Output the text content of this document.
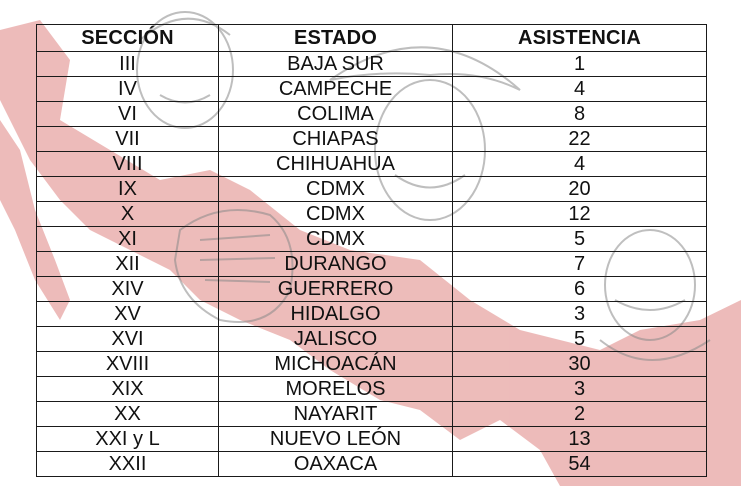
SECCIÓN	ESTADO	ASISTENCIA
III	BAJA SUR	1
IV	CAMPECHE	4
VI	COLIMA	8
VII	CHIAPAS	22
VIII	CHIHUAHUA	4
IX	CDMX	20
X	CDMX	12
XI	CDMX	5
XII	DURANGO	7
XIV	GUERRERO	6
XV	HIDALGO	3
XVI	JALISCO	5
XVIII	MICHOACÁN	30
XIX	MORELOS	3
XX	NAYARIT	2
XXI y L	NUEVO LEÓN	13
XXII	OAXACA	54
